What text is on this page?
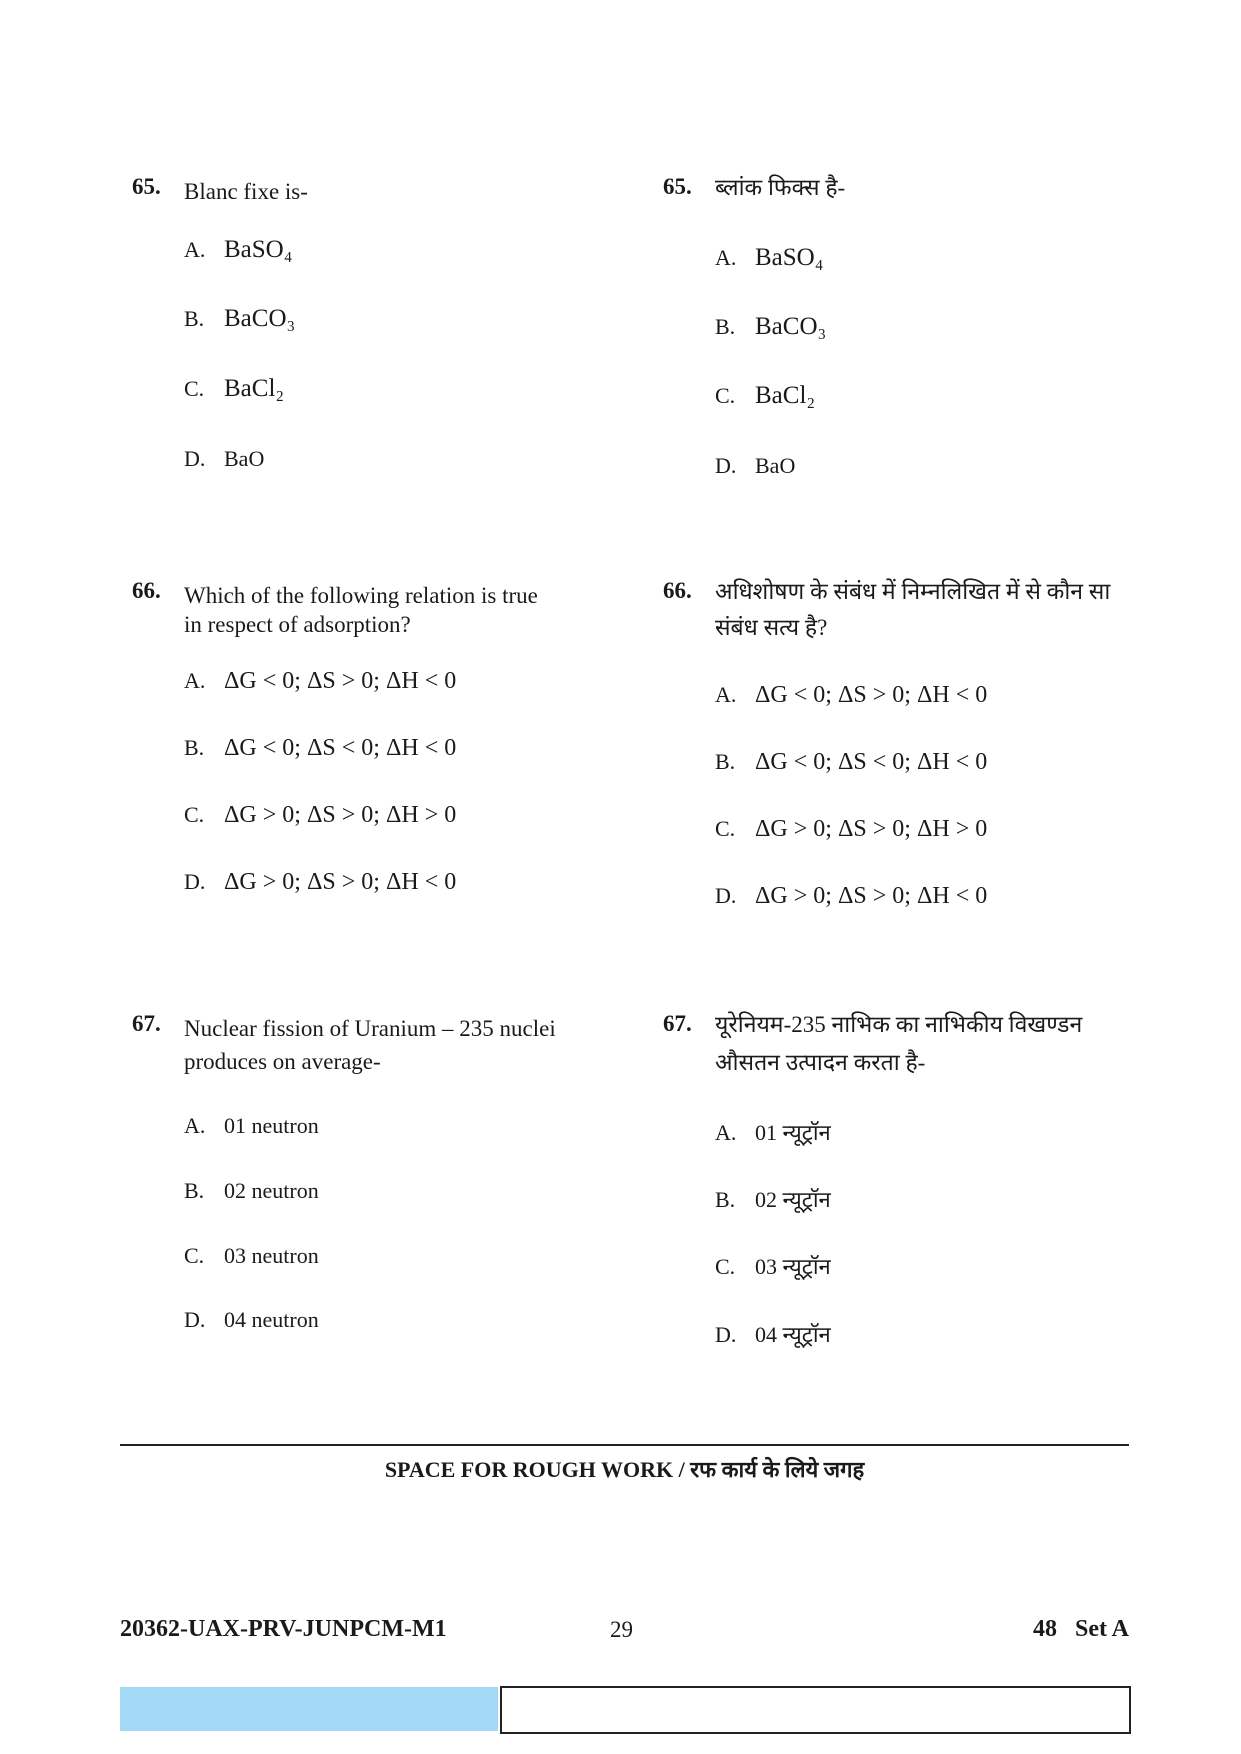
65. Blanc fixe is-
A. BaSO₄
B. BaCO₃
C. BaCl₂
D. BaO
65. ब्लांक फिक्स है-
A. BaSO₄
B. BaCO₃
C. BaCl₂
D. BaO
66. Which of the following relation is true
in respect of adsorption?
A. ΔG < 0; ΔS > 0; ΔH < 0
B. ΔG < 0; ΔS < 0; ΔH < 0
C. ΔG > 0; ΔS > 0; ΔH > 0
D. ΔG > 0; ΔS > 0; ΔH < 0
66. अधिशोषण के संबंध में निम्नलिखित में से कौन सा
संबंध सत्य है?
A. ΔG < 0; ΔS > 0; ΔH < 0
B. ΔG < 0; ΔS < 0; ΔH < 0
C. ΔG > 0; ΔS > 0; ΔH > 0
D. ΔG > 0; ΔS > 0; ΔH < 0
67. Nuclear fission of Uranium – 235 nuclei
produces on average-
A. 01 neutron
B. 02 neutron
C. 03 neutron
D. 04 neutron
67. यूरेनियम-235 नाभिक का नाभिकीय विखण्डन
औसतन उत्पादन करता है-
A. 01 न्यूट्रॉन
B. 02 न्यूट्रॉन
C. 03 न्यूट्रॉन
D. 04 न्यूट्रॉन
SPACE FOR ROUGH WORK / रफ कार्य के लिये जगह
20362-UAX-PRV-JUNPCM-M1	29	48   Set A
